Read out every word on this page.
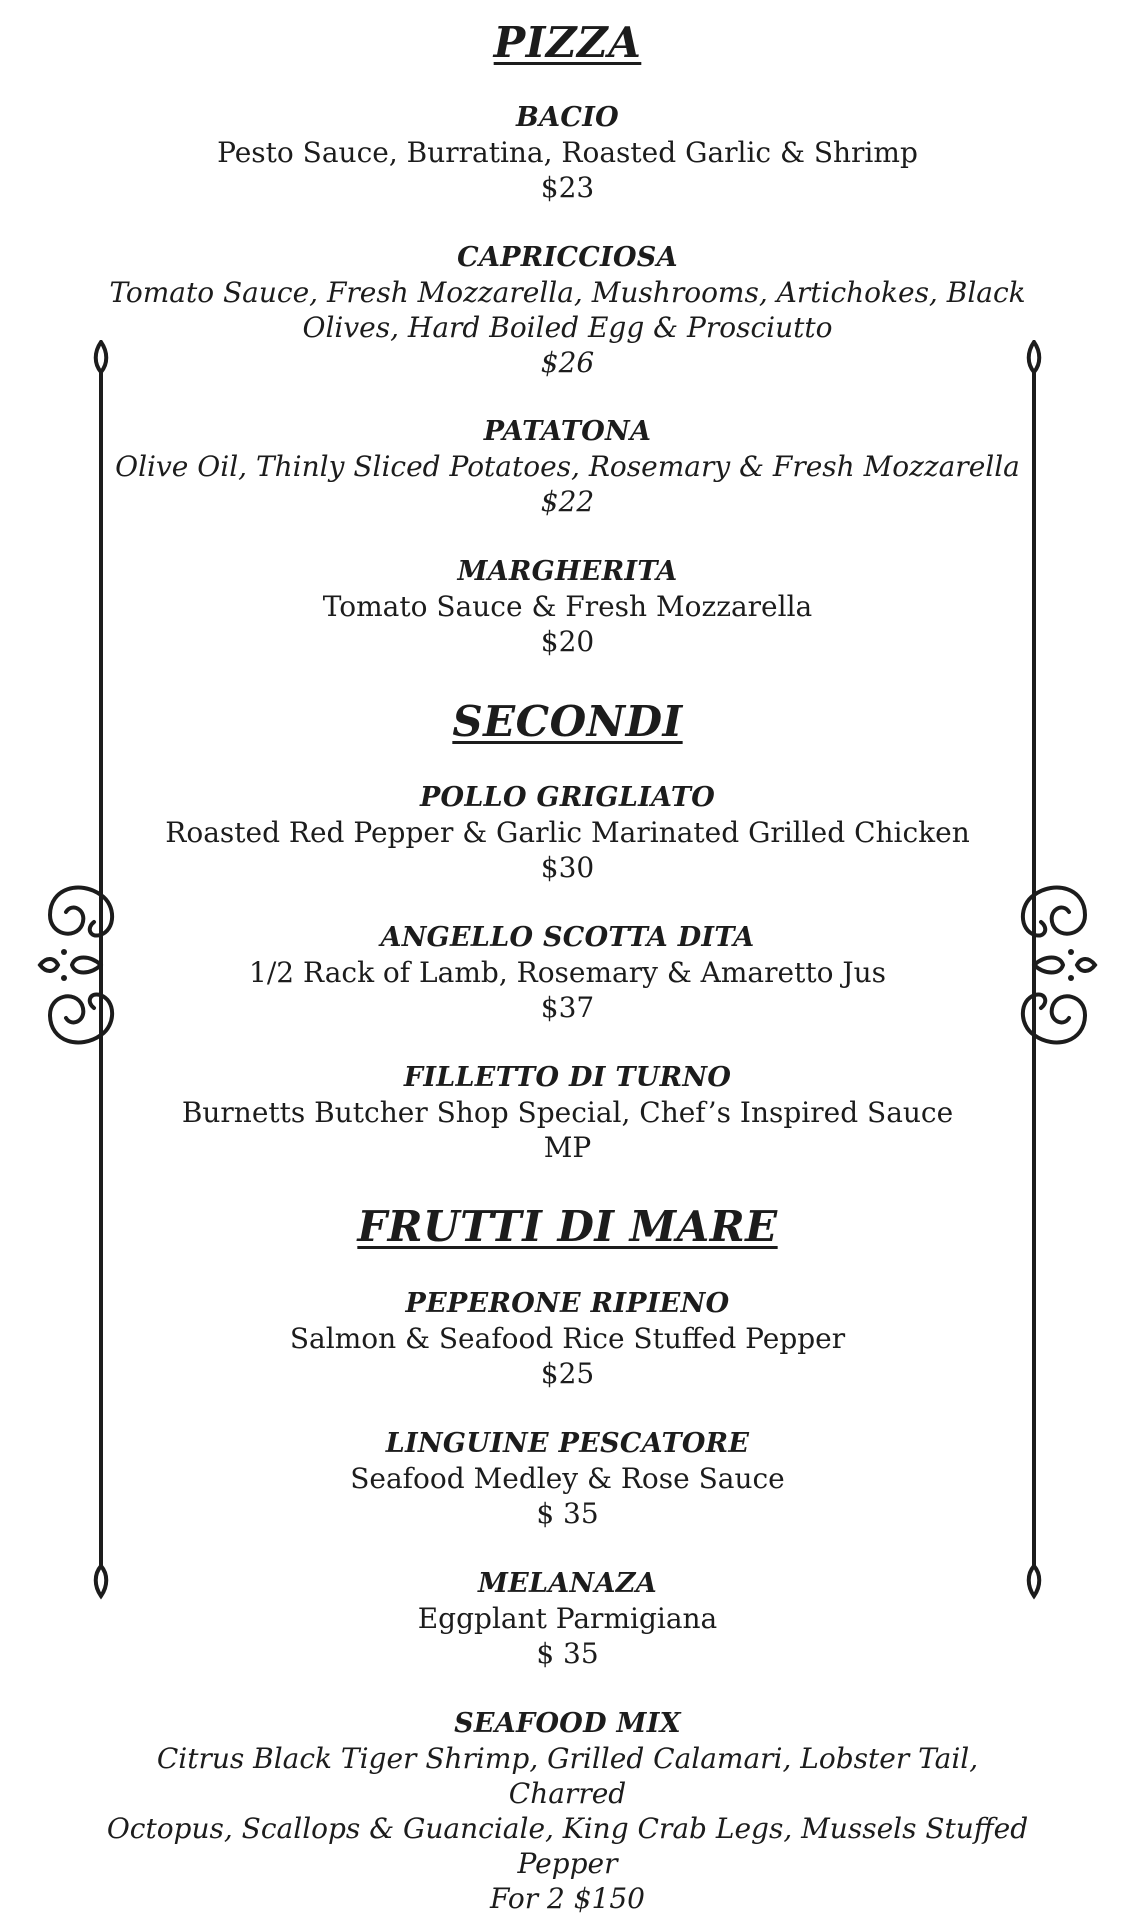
PIZZA
BACIO
Pesto Sauce, Burratina, Roasted Garlic & Shrimp
$23
CAPRICCIOSA
Tomato Sauce, Fresh Mozzarella, Mushrooms, Artichokes, Black
Olives, Hard Boiled Egg & Prosciutto
$26
PATATONA
Olive Oil, Thinly Sliced Potatoes, Rosemary & Fresh Mozzarella
$22
MARGHERITA
Tomato Sauce & Fresh Mozzarella
$20
SECONDI
POLLO GRIGLIATO
Roasted Red Pepper & Garlic Marinated Grilled Chicken
$30
ANGELLO SCOTTA DITA
1/2 Rack of Lamb, Rosemary & Amaretto Jus
$37
FILLETTO DI TURNO
Burnetts Butcher Shop Special, Chef’s Inspired Sauce
MP
FRUTTI DI MARE
PEPERONE RIPIENO
Salmon & Seafood Rice Stuffed Pepper
$25
LINGUINE PESCATORE
Seafood Medley & Rose Sauce
$ 35
MELANAZA
Eggplant Parmigiana
$ 35
SEAFOOD MIX
Citrus Black Tiger Shrimp, Grilled Calamari, Lobster Tail, Charred
Octopus, Scallops & Guanciale, King Crab Legs, Mussels Stuffed
Pepper
For 2 $150
